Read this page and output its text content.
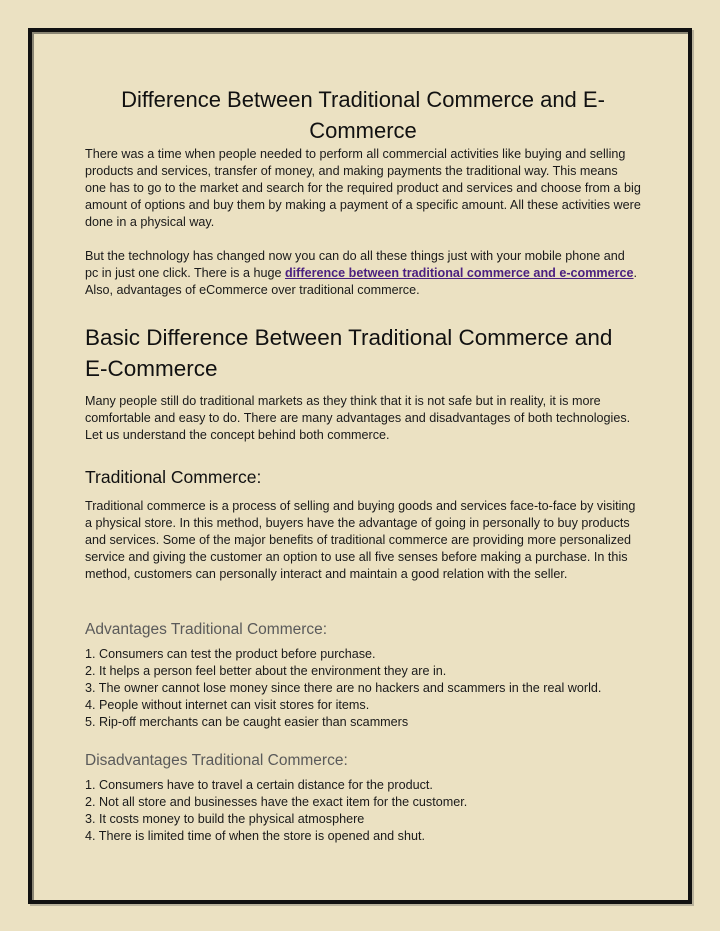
Difference Between Traditional Commerce and E-Commerce

There was a time when people needed to perform all commercial activities like buying and selling products and services, transfer of money, and making payments the traditional way. This means one has to go to the market and search for the required product and services and choose from a big amount of options and buy them by making a payment of a specific amount. All these activities were done in a physical way.

But the technology has changed now you can do all these things just with your mobile phone and pc in just one click. There is a huge difference between traditional commerce and e-commerce. Also, advantages of eCommerce over traditional commerce.

Basic Difference Between Traditional Commerce and E-Commerce

Many people still do traditional markets as they think that it is not safe but in reality, it is more comfortable and easy to do. There are many advantages and disadvantages of both technologies. Let us understand the concept behind both commerce.

Traditional Commerce:

Traditional commerce is a process of selling and buying goods and services face-to-face by visiting a physical store. In this method, buyers have the advantage of going in personally to buy products and services. Some of the major benefits of traditional commerce are providing more personalized service and giving the customer an option to use all five senses before making a purchase. In this method, customers can personally interact and maintain a good relation with the seller.

Advantages Traditional Commerce:
1. Consumers can test the product before purchase.
2. It helps a person feel better about the environment they are in.
3. The owner cannot lose money since there are no hackers and scammers in the real world.
4. People without internet can visit stores for items.
5. Rip-off merchants can be caught easier than scammers
Disadvantages Traditional Commerce:
1. Consumers have to travel a certain distance for the product.
2. Not all store and businesses have the exact item for the customer.
3. It costs money to build the physical atmosphere
4. There is limited time of when the store is opened and shut.
